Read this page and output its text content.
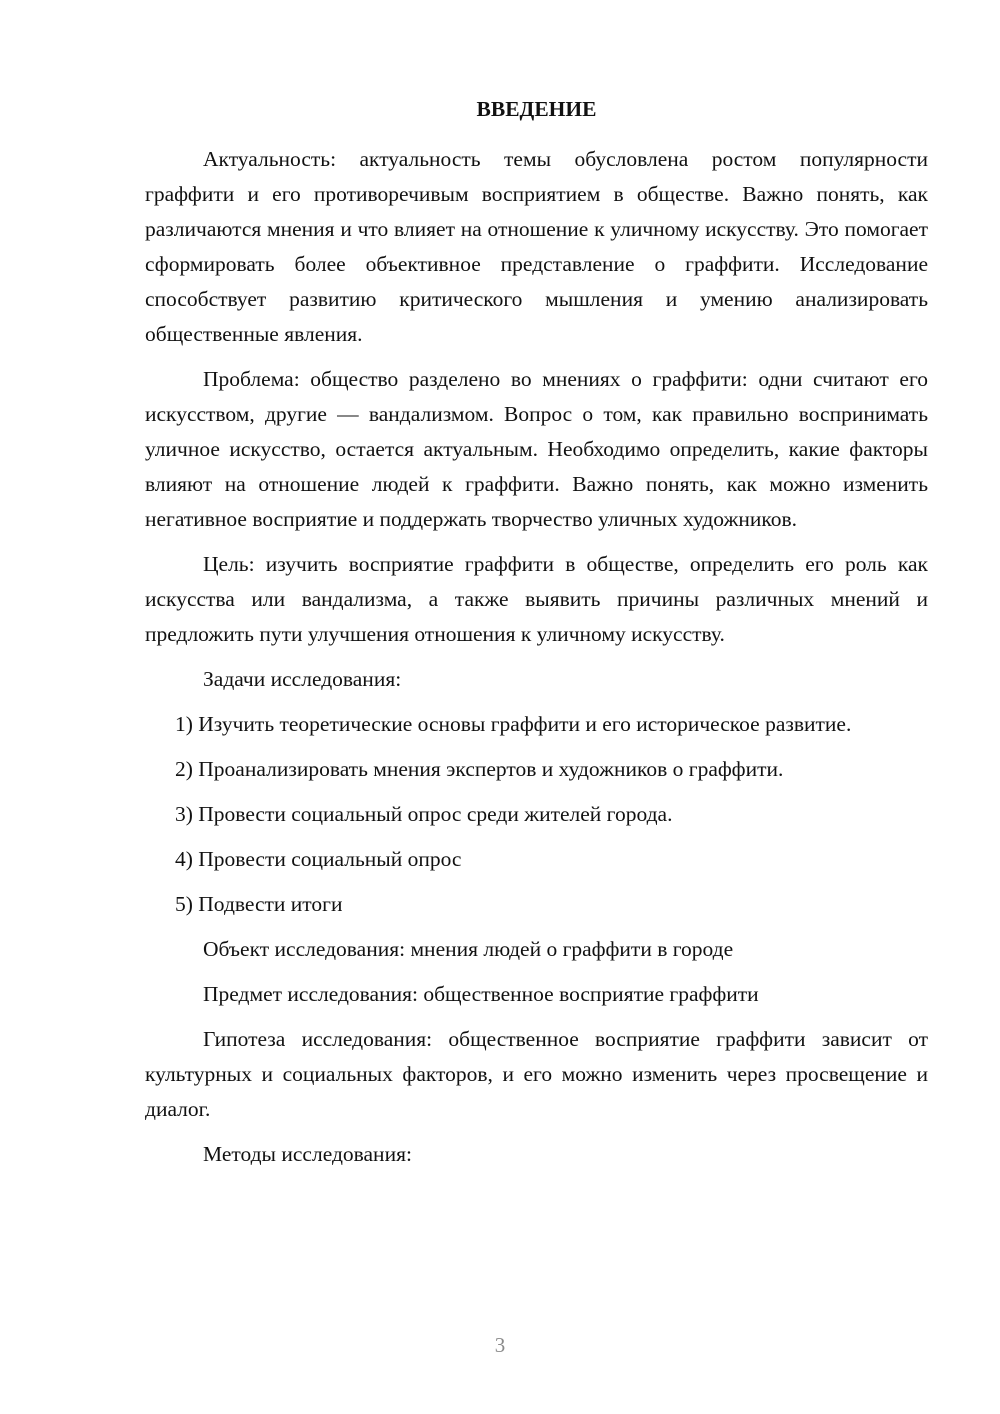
ВВЕДЕНИЕ

Актуальность: актуальность темы обусловлена ростом популярности граффити и его противоречивым восприятием в обществе. Важно понять, как различаются мнения и что влияет на отношение к уличному искусству. Это помогает сформировать более объективное представление о граффити. Исследование способствует развитию критического мышления и умению анализировать общественные явления.

Проблема: общество разделено во мнениях о граффити: одни считают его искусством, другие — вандализмом. Вопрос о том, как правильно воспринимать уличное искусство, остается актуальным. Необходимо определить, какие факторы влияют на отношение людей к граффити. Важно понять, как можно изменить негативное восприятие и поддержать творчество уличных художников.

Цель: изучить восприятие граффити в обществе, определить его роль как искусства или вандализма, а также выявить причины различных мнений и предложить пути улучшения отношения к уличному искусству.

Задачи исследования:

1) Изучить теоретические основы граффити и его историческое развитие.

2) Проанализировать мнения экспертов и художников о граффити.

3) Провести социальный опрос среди жителей города.

4) Провести социальный опрос

5) Подвести итоги

Объект исследования: мнения людей о граффити в городе

Предмет исследования: общественное восприятие граффити

Гипотеза исследования: общественное восприятие граффити зависит от культурных и социальных факторов, и его можно изменить через просвещение и диалог.

Методы исследования:

3
